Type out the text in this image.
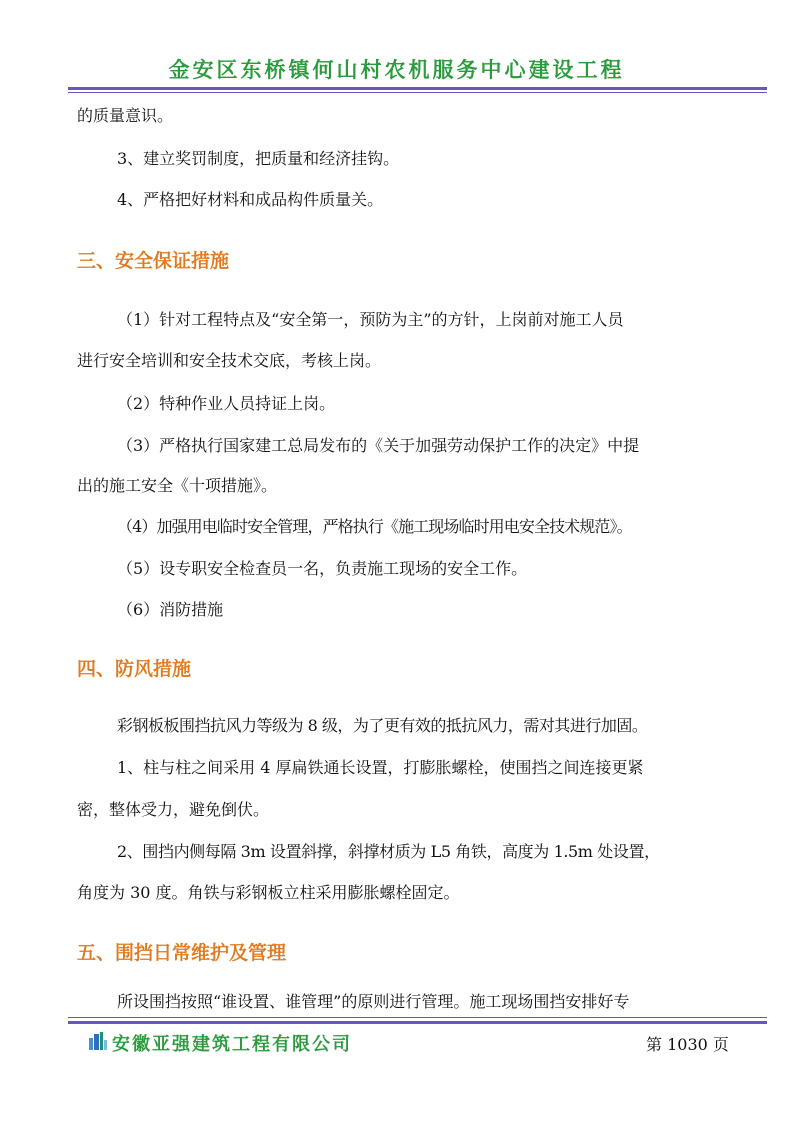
金安区东桥镇何山村农机服务中心建设工程
的质量意识。
3、建立奖罚制度，把质量和经济挂钩。
4、严格把好材料和成品构件质量关。
三、安全保证措施
（1）针对工程特点及“安全第一，预防为主”的方针，上岗前对施工人员
进行安全培训和安全技术交底，考核上岗。
（2）特种作业人员持证上岗。
（3）严格执行国家建工总局发布的《关于加强劳动保护工作的决定》中提
出的施工安全《十项措施》。
（4）加强用电临时安全管理，严格执行《施工现场临时用电安全技术规范》。
（5）设专职安全检查员一名，负责施工现场的安全工作。
（6）消防措施
四、防风措施
彩钢板板围挡抗风力等级为 8 级，为了更有效的抵抗风力，需对其进行加固。
1、柱与柱之间采用 4 厚扁铁通长设置，打膨胀螺栓，使围挡之间连接更紧
密，整体受力，避免倒伏。
2、围挡内侧每隔 3m 设置斜撑，斜撑材质为 L5 角铁，高度为 1.5m 处设置，
角度为 30 度。角铁与彩钢板立柱采用膨胀螺栓固定。
五、围挡日常维护及管理
所设围挡按照“谁设置、谁管理”的原则进行管理。施工现场围挡安排好专
安徽亚强建筑工程有限公司	第 1030 页
